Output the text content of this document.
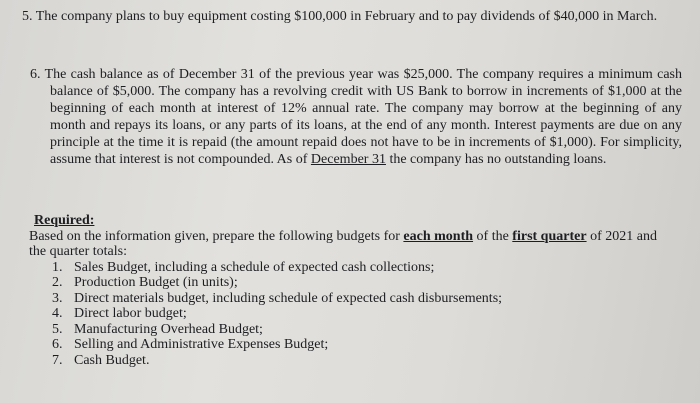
5. The company plans to buy equipment costing $100,000 in February and to pay dividends of $40,000 in March.

6. The cash balance as of December 31 of the previous year was $25,000. The company requires a minimum cash balance of $5,000. The company has a revolving credit with US Bank to borrow in increments of $1,000 at the beginning of each month at interest of 12% annual rate. The company may borrow at the beginning of any month and repays its loans, or any parts of its loans, at the end of any month. Interest payments are due on any principle at the time it is repaid (the amount repaid does not have to be in increments of $1,000). For simplicity, assume that interest is not compounded. As of December 31 the company has no outstanding loans.

Required:
Based on the information given, prepare the following budgets for each month of the first quarter of 2021 and the quarter totals:
1. Sales Budget, including a schedule of expected cash collections;
2. Production Budget (in units);
3. Direct materials budget, including schedule of expected cash disbursements;
4. Direct labor budget;
5. Manufacturing Overhead Budget;
6. Selling and Administrative Expenses Budget;
7. Cash Budget.
